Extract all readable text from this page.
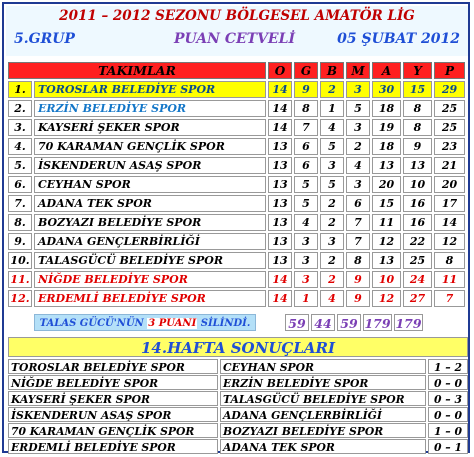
2011 – 2012 SEZONU BÖLGESEL AMATÖR LİG
5.GRUP	PUAN CETVELİ	05 ŞUBAT 2012
TAKIMLAR		O	G	B	M	A	Y	P
1.	TOROSLAR BELEDİYE SPOR	14	9	2	3	30	15	29
2.	ERZİN BELEDİYE SPOR	14	8	1	5	18	8	25
3.	KAYSERİ ŞEKER SPOR	14	7	4	3	19	8	25
4.	70 KARAMAN GENÇLİK SPOR	13	6	5	2	18	9	23
5.	İSKENDERUN ASAŞ SPOR	13	6	3	4	13	13	21
6.	CEYHAN SPOR	13	5	5	3	20	10	20
7.	ADANA TEK SPOR	13	5	2	6	15	16	17
8.	BOZYAZI BELEDİYE SPOR	13	4	2	7	11	16	14
9.	ADANA GENÇLERBİRLİĞİ	13	3	3	7	12	22	12
10.	TALASGÜCÜ BELEDİYE SPOR	13	3	2	8	13	25	8
11.	NİĞDE BELEDİYE SPOR	14	3	2	9	10	24	11
12.	ERDEMLİ BELEDİYE SPOR	14	1	4	9	12	27	7
TALAS GÜCÜ'NÜN 3 PUANI SİLİNDİ.	59 44 59 179 179
14.HAFTA SONUÇLARI
TOROSLAR BELEDİYE SPOR	CEYHAN SPOR	1 – 2
NİĞDE BELEDİYE SPOR	ERZİN BELEDİYE SPOR	0 – 0
KAYSERİ ŞEKER SPOR	TALASGÜCÜ BELEDİYE SPOR	0 – 3
İSKENDERUN ASAŞ SPOR	ADANA GENÇLERBİRLİĞİ	0 – 0
70 KARAMAN GENÇLİK SPOR	BOZYAZI BELEDİYE SPOR	1 – 0
ERDEMLİ BELEDİYE SPOR	ADANA TEK SPOR	0 – 1
